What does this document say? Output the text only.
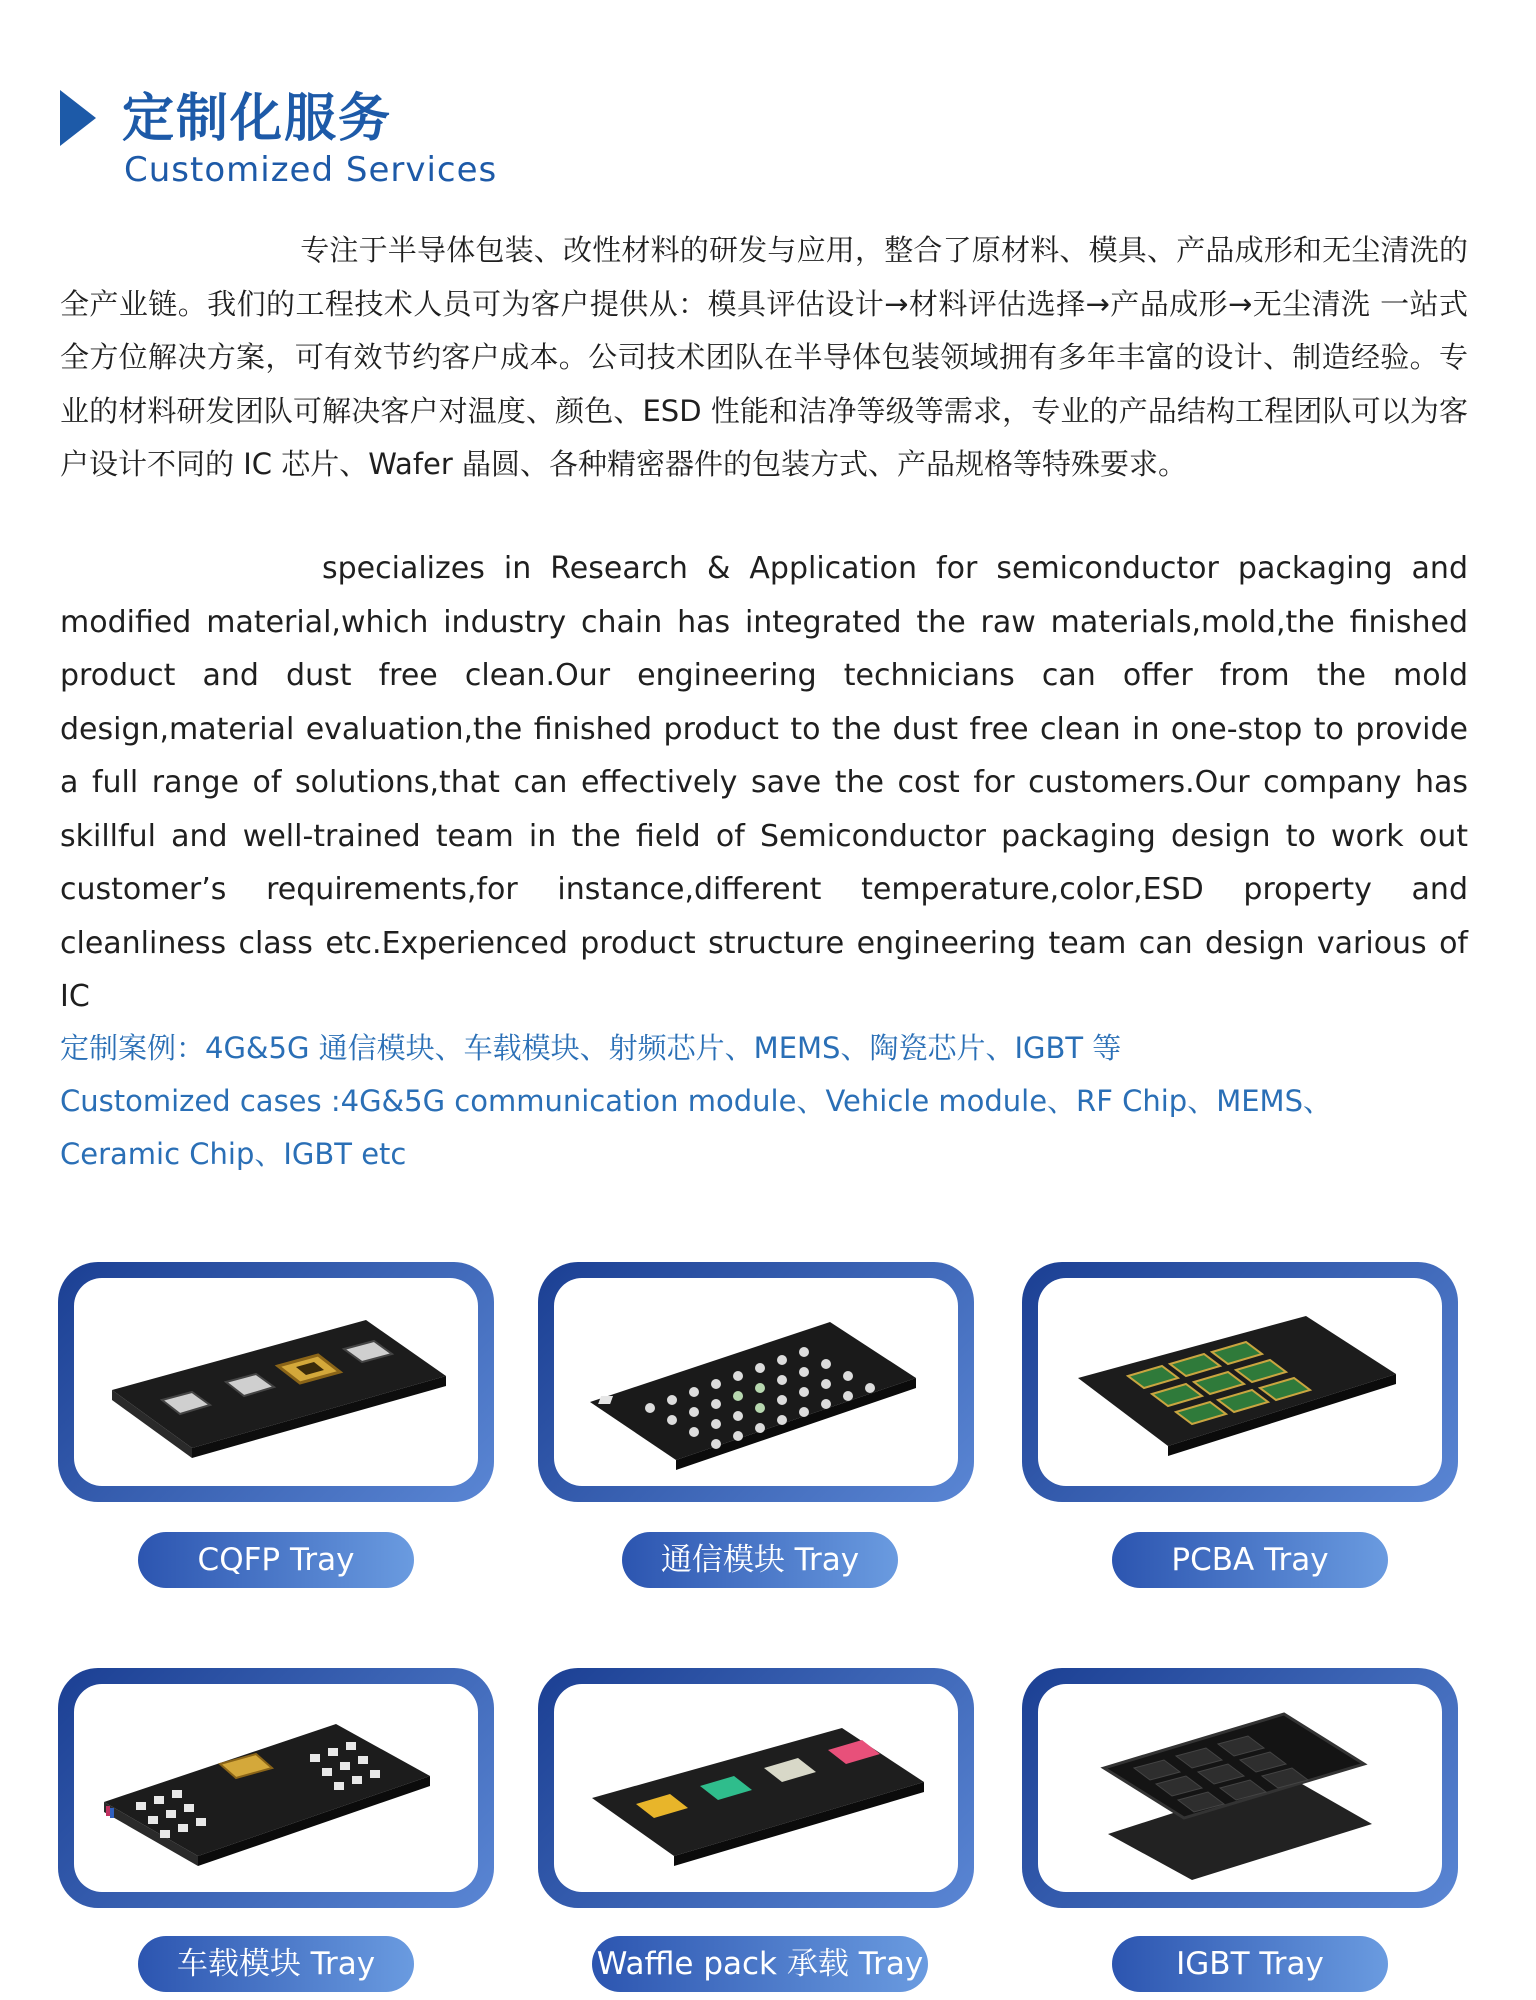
定制化服务
Customized Services
专注于半导体包装、改性材料的研发与应用，整合了原材料、模具、产品成形和无尘清洗的全产业链。我们的工程技术人员可为客户提供从：模具评估设计→材料评估选择→产品成形→无尘清洗 一站式全方位解决方案，可有效节约客户成本。公司技术团队在半导体包装领域拥有多年丰富的设计、制造经验。专业的材料研发团队可解决客户对温度、颜色、ESD 性能和洁净等级等需求，专业的产品结构工程团队可以为客户设计不同的 IC 芯片、Wafer 晶圆、各种精密器件的包装方式、产品规格等特殊要求。
specializes in Research & Application for semiconductor packaging and modified material,which industry chain has integrated the raw materials,mold,the finished product and dust free clean.Our engineering technicians can offer from the mold design,material evaluation,the finished product to the dust free clean in one-stop to provide a full range of solutions,that can effectively save the cost for customers.Our company has skillful and well-trained team in the field of Semiconductor packaging design to work out customer’s requirements,for instance,different temperature,color,ESD property and cleanliness class etc.Experienced product structure engineering team can design various of IC
定制案例：4G&5G 通信模块、车载模块、射频芯片、MEMS、陶瓷芯片、IGBT 等
Customized cases :4G&5G communication module、Vehicle module、RF Chip、MEMS、
Ceramic Chip、IGBT etc
CQFP Tray	通信模块 Tray	PCBA Tray
车载模块 Tray	Waffle pack 承载 Tray	IGBT Tray
